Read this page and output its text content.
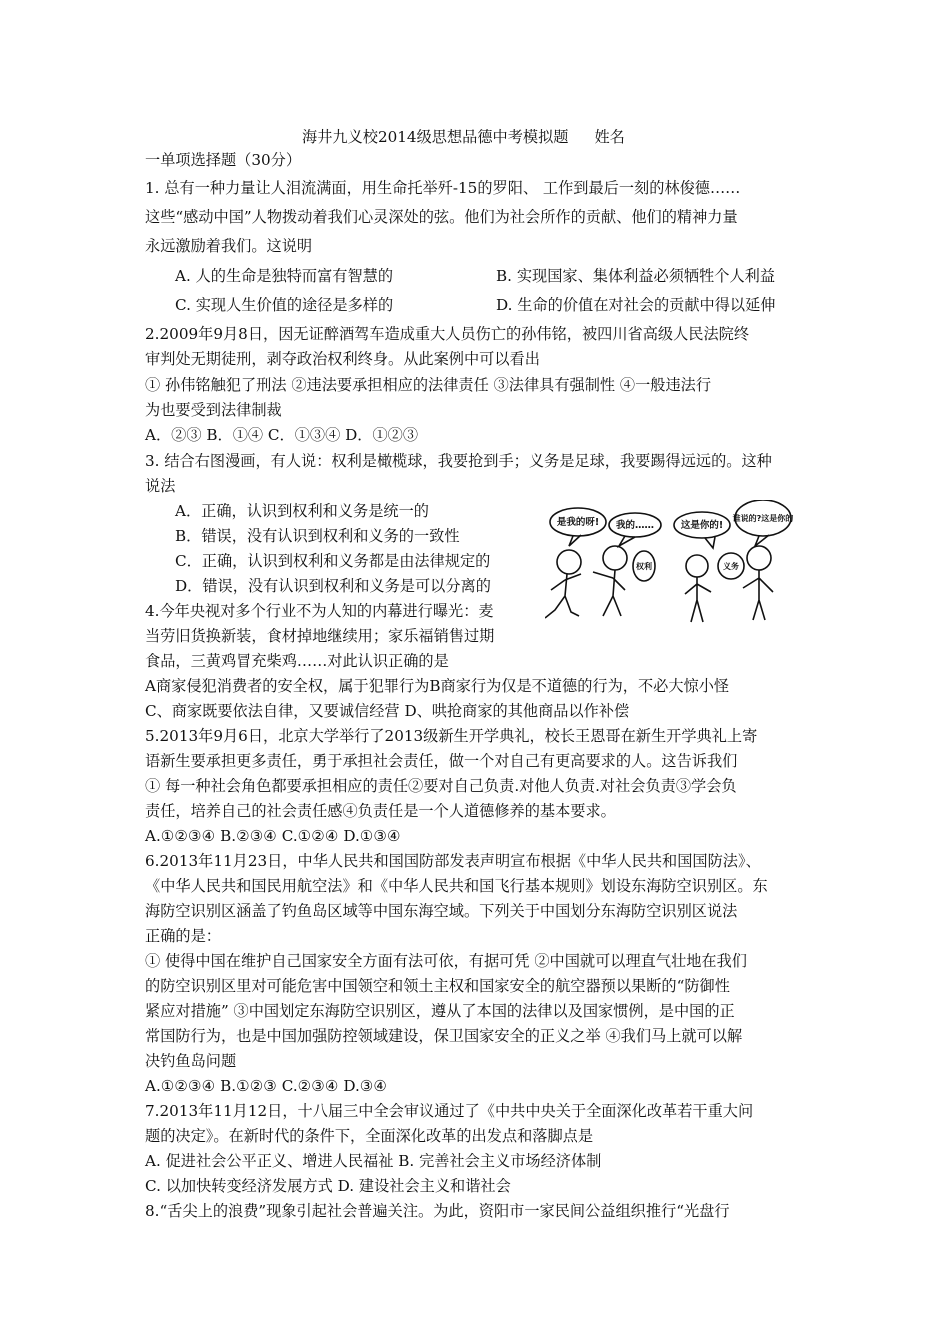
海井九义校2014级思想品德中考模拟题 姓名
一单项选择题（30分）
1. 总有一种力量让人泪流满面，用生命托举歼-15的罗阳、 工作到最后一刻的林俊德……
这些“感动中国”人物拨动着我们心灵深处的弦。他们为社会所作的贡献、他们的精神力量
永远激励着我们。这说明
A. 人的生命是独特而富有智慧的	B. 实现国家、集体利益必须牺牲个人利益
C. 实现人生价值的途径是多样的	D. 生命的价值在对社会的贡献中得以延伸
2.2009年9月8日，因无证醉酒驾车造成重大人员伤亡的孙伟铭，被四川省高级人民法院终
审判处无期徒刑，剥夺政治权利终身。从此案例中可以看出
① 孙伟铭触犯了刑法 ②违法要承担相应的法律责任 ③法律具有强制性 ④一般违法行
为也要受到法律制裁
A．②③ B．①④ C．①③④ D．①②③
3. 结合右图漫画，有人说：权利是橄榄球，我要抢到手；义务是足球，我要踢得远远的。这种
说法
A．正确，认识到权利和义务是统一的
B．错误，没有认识到权利和义务的一致性
C．正确，认识到权利和义务都是由法律规定的
D．错误，没有认识到权利和义务是可以分离的
是我的呀! 我的……	这是你的!
谁说的?这是你的
权利	义务
4.今年央视对多个行业不为人知的内幕进行曝光：麦
当劳旧货换新装，食材掉地继续用；家乐福销售过期
食品，三黄鸡冒充柴鸡……对此认识正确的是
A商家侵犯消费者的安全权，属于犯罪行为B商家行为仅是不道德的行为，不必大惊小怪
C、商家既要依法自律，又要诚信经营 D、哄抢商家的其他商品以作补偿
5.2013年9月6日，北京大学举行了2013级新生开学典礼，校长王恩哥在新生开学典礼上寄
语新生要承担更多责任，勇于承担社会责任，做一个对自己有更高要求的人。这告诉我们
① 每一种社会角色都要承担相应的责任②要对自己负责.对他人负责.对社会负责③学会负
责任，培养自己的社会责任感④负责任是一个人道德修养的基本要求。
A.①②③④ B.②③④ C.①②④ D.①③④
6.2013年11月23日，中华人民共和国国防部发表声明宣布根据《中华人民共和国国防法》、
《中华人民共和国民用航空法》和《中华人民共和国飞行基本规则》划设东海防空识别区。东
海防空识别区涵盖了钓鱼岛区域等中国东海空域。下列关于中国划分东海防空识别区说法
正确的是：
① 使得中国在维护自己国家安全方面有法可依，有据可凭 ②中国就可以理直气壮地在我们
的防空识别区里对可能危害中国领空和领土主权和国家安全的航空器预以果断的“防御性
紧应对措施” ③中国划定东海防空识别区，遵从了本国的法律以及国家惯例，是中国的正
常国防行为，也是中国加强防控领域建设，保卫国家安全的正义之举 ④我们马上就可以解
决钓鱼岛问题
A.①②③④ B.①②③ C.②③④ D.③④
7.2013年11月12日，十八届三中全会审议通过了《中共中央关于全面深化改革若干重大问
题的决定》。在新时代的条件下，全面深化改革的出发点和落脚点是
A. 促进社会公平正义、增进人民福祉 B. 完善社会主义市场经济体制
C. 以加快转变经济发展方式 D. 建设社会主义和谐社会
8.“舌尖上的浪费”现象引起社会普遍关注。为此，资阳市一家民间公益组织推行“光盘行
